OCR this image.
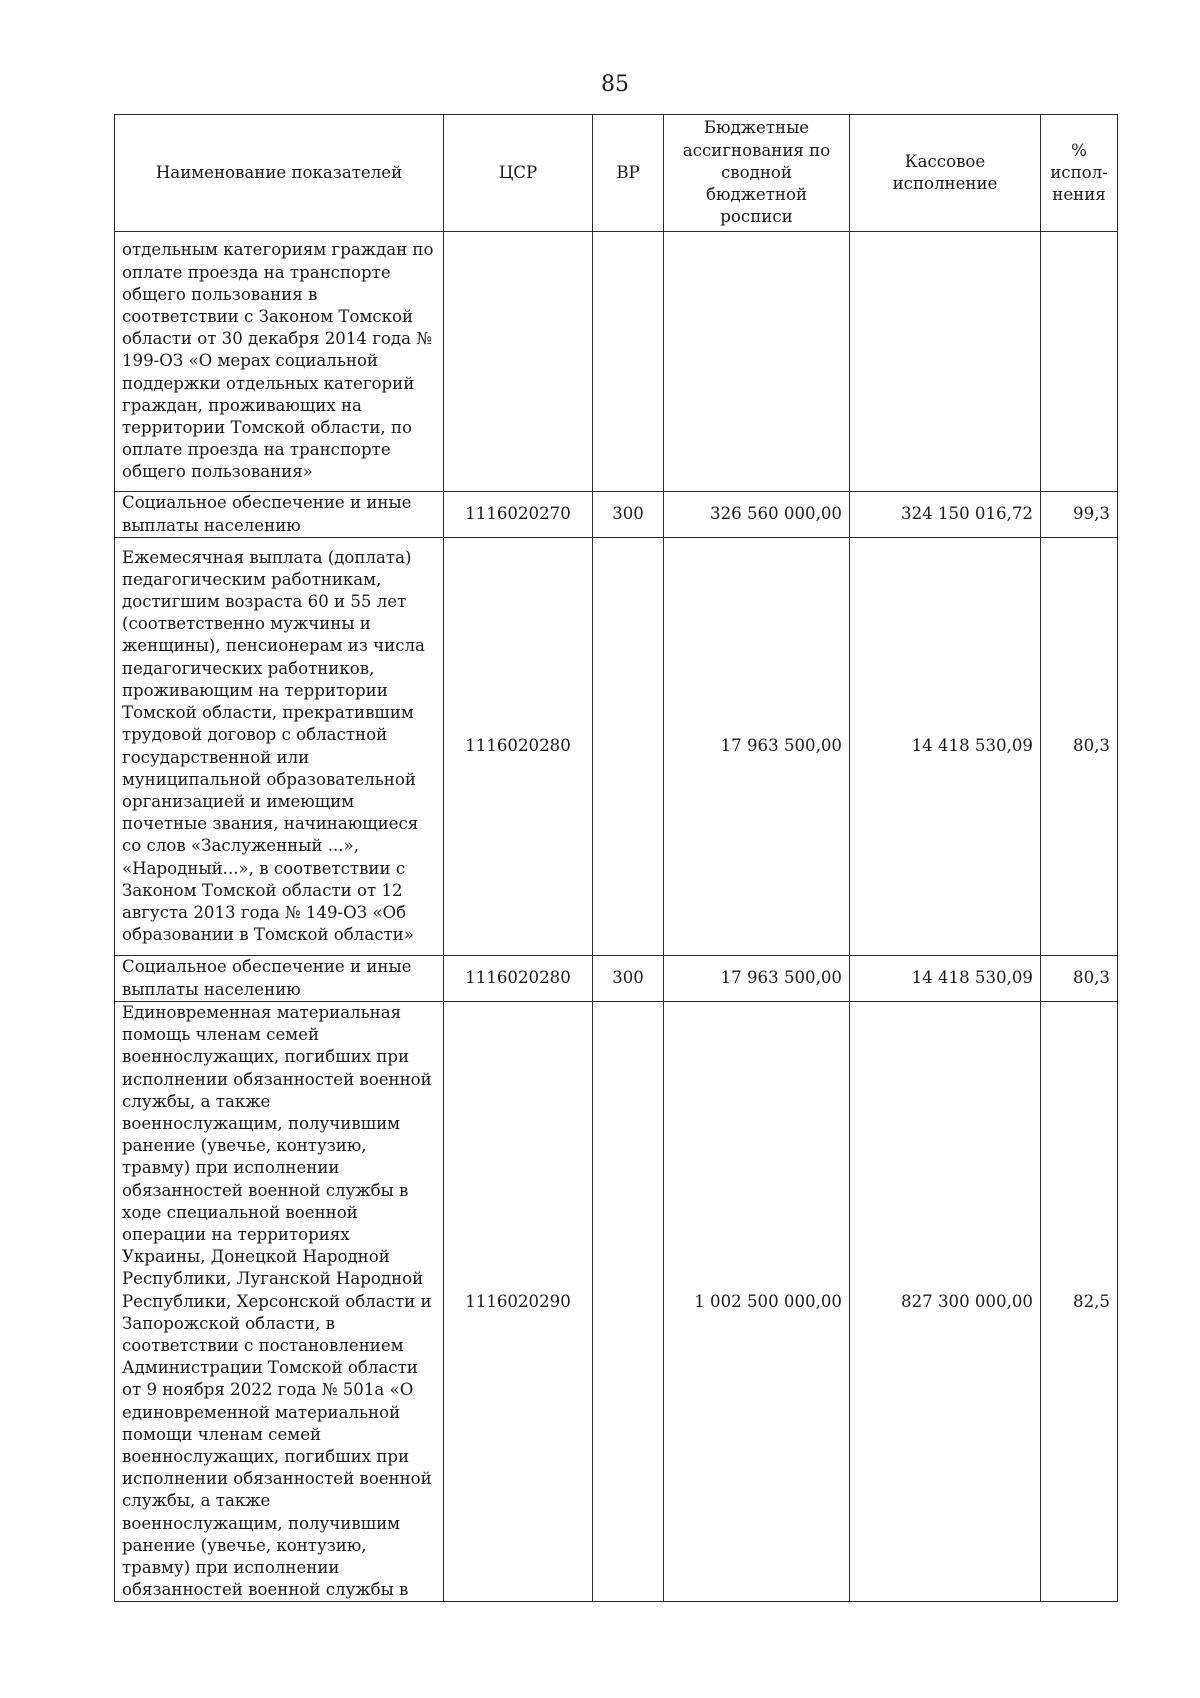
85
Наименование показателей	ЦСР	ВР	Бюджетные ассигнования по сводной бюджетной росписи	Кассовое исполнение	% испол-нения
отдельным категориям граждан по оплате проезда на транспорте общего пользования в соответствии с Законом Томской области от 30 декабря 2014 года № 199-ОЗ «О мерах социальной поддержки отдельных категорий граждан, проживающих на территории Томской области, по оплате проезда на транспорте общего пользования»					
Социальное обеспечение и иные выплаты населению	1116020270	300	326 560 000,00	324 150 016,72	99,3
Ежемесячная выплата (доплата) педагогическим работникам, достигшим возраста 60 и 55 лет (соответственно мужчины и женщины), пенсионерам из числа педагогических работников, проживающим на территории Томской области, прекратившим трудовой договор с областной государственной или муниципальной образовательной организацией и имеющим почетные звания, начинающиеся со слов «Заслуженный ...», «Народный...», в соответствии с Законом Томской области от 12 августа 2013 года № 149-ОЗ «Об образовании в Томской области»	1116020280		17 963 500,00	14 418 530,09	80,3
Социальное обеспечение и иные выплаты населению	1116020280	300	17 963 500,00	14 418 530,09	80,3
Единовременная материальная помощь членам семей военнослужащих, погибших при исполнении обязанностей военной службы, а также военнослужащим, получившим ранение (увечье, контузию, травму) при исполнении обязанностей военной службы в ходе специальной военной операции на территориях Украины, Донецкой Народной Республики, Луганской Народной Республики, Херсонской области и Запорожской области, в соответствии с постановлением Администрации Томской области от 9 ноября 2022 года № 501а «О единовременной материальной помощи членам семей военнослужащих, погибших при исполнении обязанностей военной службы, а также военнослужащим, получившим ранение (увечье, контузию, травму) при исполнении обязанностей военной службы в	1116020290		1 002 500 000,00	827 300 000,00	82,5
